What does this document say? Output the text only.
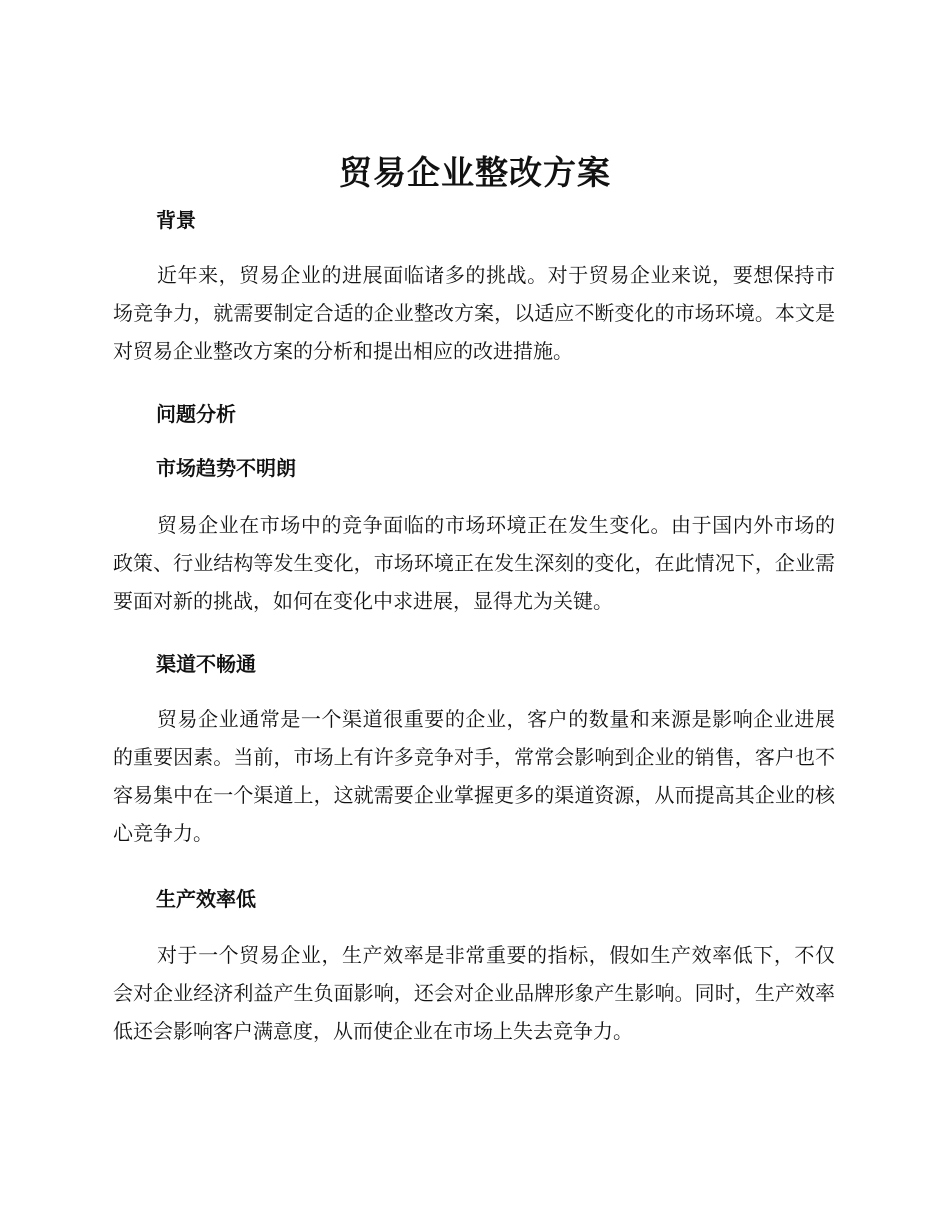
贸易企业整改方案
背景

近年来，贸易企业的进展面临诸多的挑战。对于贸易企业来说，要想保持市场竞争力，就需要制定合适的企业整改方案，以适应不断变化的市场环境。本文是对贸易企业整改方案的分析和提出相应的改进措施。

问题分析
市场趋势不明朗

贸易企业在市场中的竞争面临的市场环境正在发生变化。由于国内外市场的政策、行业结构等发生变化，市场环境正在发生深刻的变化，在此情况下，企业需要面对新的挑战，如何在变化中求进展，显得尤为关键。

渠道不畅通

贸易企业通常是一个渠道很重要的企业，客户的数量和来源是影响企业进展的重要因素。当前，市场上有许多竞争对手，常常会影响到企业的销售，客户也不容易集中在一个渠道上，这就需要企业掌握更多的渠道资源，从而提高其企业的核心竞争力。

生产效率低

对于一个贸易企业，生产效率是非常重要的指标，假如生产效率低下，不仅会对企业经济利益产生负面影响，还会对企业品牌形象产生影响。同时，生产效率低还会影响客户满意度，从而使企业在市场上失去竞争力。
